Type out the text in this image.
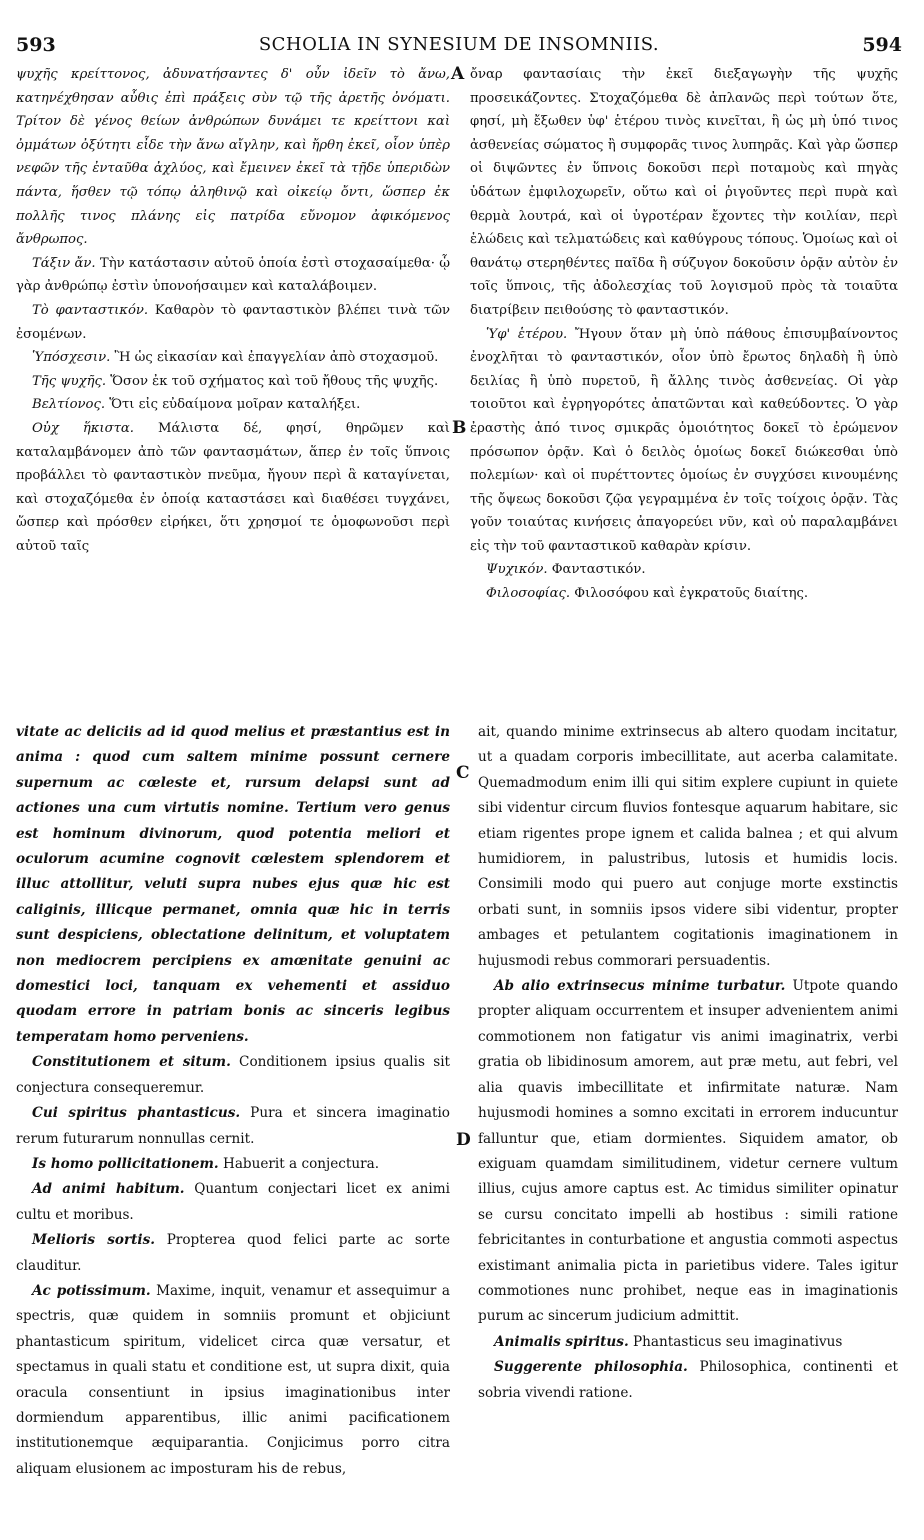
593	SCHOLIA IN SYNESIUM DE INSOMNIIS.	594
A
B
C
D

ψυχῆς κρείττονος, ἀδυνατήσαντες δ' οὖν ἰδεῖν τὸ ἄνω, κατηνέχθησαν αὖθις ἐπὶ πράξεις σὺν τῷ τῆς ἀρετῆς ὀνόματι. Τρίτον δὲ γένος θείων ἀνθρώπων δυνάμει τε κρείττονι καὶ ὀμμάτων ὀξύτητι εἶδε τὴν ἄνω αἴγλην, καὶ ἤρθη ἐκεῖ, οἷον ὑπὲρ νεφῶν τῆς ἐνταῦθα ἀχλύος, καὶ ἔμεινεν ἐκεῖ τὰ τῇδε ὑπεριδὼν πάντα, ἥσθεν τῷ τόπῳ ἀληθινῷ καὶ οἰκείῳ ὄντι, ὥσπερ ἐκ πολλῆς τινος πλάνης εἰς πατρίδα εὔνομον ἀφικόμενος ἄνθρωπος.

Τάξιν ἄν. Τὴν κατάστασιν αὐτοῦ ὁποία ἐστὶ στοχασαίμεθα· ᾧ γὰρ ἀνθρώπῳ ἐστὶν ὑπονοήσαιμεν καὶ καταλάβοιμεν.

Τὸ φανταστικόν. Καθαρὸν τὸ φανταστικὸν βλέπει τινὰ τῶν ἐσομένων.

Ὑπόσχεσιν. Ἢ ὡς εἰκασίαν καὶ ἐπαγγελίαν ἀπὸ στοχασμοῦ.

Τῆς ψυχῆς. Ὅσον ἐκ τοῦ σχήματος καὶ τοῦ ἤθους τῆς ψυχῆς.

Βελτίονος. Ὅτι εἰς εὐδαίμονα μοῖραν καταλήξει.

Οὐχ ἥκιστα. Μάλιστα δέ, φησί, θηρῶμεν καὶ καταλαμβάνομεν ἀπὸ τῶν φαντασμάτων, ἅπερ ἐν τοῖς ὕπνοις προβάλλει τὸ φανταστικὸν πνεῦμα, ἤγουν περὶ ἃ καταγίνεται, καὶ στοχαζόμεθα ἐν ὁποίᾳ καταστάσει καὶ διαθέσει τυγχάνει, ὥσπερ καὶ πρόσθεν εἰρήκει, ὅτι χρησμοί τε ὁμοφωνοῦσι περὶ αὐτοῦ ταῖς

ὄναρ φαντασίαις τὴν ἐκεῖ διεξαγωγὴν τῆς ψυχῆς προσεικάζοντες. Στοχαζόμεθα δὲ ἀπλανῶς περὶ τούτων ὅτε, φησί, μὴ ἔξωθεν ὑφ' ἑτέρου τινὸς κινεῖται, ἢ ὡς μὴ ὑπό τινος ἀσθενείας σώματος ἢ συμφορᾶς τινος λυπηρᾶς. Καὶ γὰρ ὥσπερ οἱ διψῶντες ἐν ὕπνοις δοκοῦσι περὶ ποταμοὺς καὶ πηγὰς ὑδάτων ἐμφιλοχωρεῖν, οὕτω καὶ οἱ ῥιγοῦντες περὶ πυρὰ καὶ θερμὰ λουτρά, καὶ οἱ ὑγροτέραν ἔχοντες τὴν κοιλίαν, περὶ ἑλώδεις καὶ τελματώδεις καὶ καθύγρους τόπους. Ὁμοίως καὶ οἱ θανάτῳ στερηθέντες παῖδα ἢ σύζυγον δοκοῦσιν ὁρᾷν αὐτὸν ἐν τοῖς ὕπνοις, τῆς ἀδολεσχίας τοῦ λογισμοῦ πρὸς τὰ τοιαῦτα διατρίβειν πειθούσης τὸ φανταστικόν.

Ὑφ' ἑτέρου. Ἤγουν ὅταν μὴ ὑπὸ πάθους ἐπισυμβαίνοντος ἐνοχλῆται τὸ φανταστικόν, οἷον ὑπὸ ἔρωτος δηλαδὴ ἢ ὑπὸ δειλίας ἢ ὑπὸ πυρετοῦ, ἢ ἄλλης τινὸς ἀσθενείας. Οἱ γὰρ τοιοῦτοι καὶ ἐγρηγορότες ἀπατῶνται καὶ καθεύδοντες. Ὁ γὰρ ἐραστὴς ἀπό τινος σμικρᾶς ὁμοιότητος δοκεῖ τὸ ἐρώμενον πρόσωπον ὁρᾷν. Καὶ ὁ δειλὸς ὁμοίως δοκεῖ διώκεσθαι ὑπὸ πολεμίων· καὶ οἱ πυρέττοντες ὁμοίως ἐν συγχύσει κινουμένης τῆς ὄψεως δοκοῦσι ζῷα γεγραμμένα ἐν τοῖς τοίχοις ὁρᾷν. Τὰς γοῦν τοιαύτας κινήσεις ἀπαγορεύει νῦν, καὶ οὐ παραλαμβάνει εἰς τὴν τοῦ φανταστικοῦ καθαρὰν κρίσιν.

Ψυχικόν. Φανταστικόν.

Φιλοσοφίας. Φιλοσόφου καὶ ἐγκρατοῦς διαίτης.

vitate ac deliciis ad id quod melius et præstantius est in anima : quod cum saltem minime possunt cernere supernum ac cœleste et, rursum delapsi sunt ad actiones una cum virtutis nomine. Tertium vero genus est hominum divinorum, quod potentia meliori et oculorum acumine cognovit cœlestem splendorem et illuc attollitur, veluti supra nubes ejus quæ hic est caliginis, illicque permanet, omnia quæ hic in terris sunt despiciens, oblectatione delinitum, et voluptatem non mediocrem percipiens ex amœnitate genuini ac domestici loci, tanquam ex vehementi et assiduo quodam errore in patriam bonis ac sinceris legibus temperatam homo perveniens.

Constitutionem et situm. Conditionem ipsius qualis sit conjectura consequeremur.

Cui spiritus phantasticus. Pura et sincera imaginatio rerum futurarum nonnullas cernit.

Is homo pollicitationem. Habuerit a conjectura.

Ad animi habitum. Quantum conjectari licet ex animi cultu et moribus.

Melioris sortis. Propterea quod felici parte ac sorte clauditur.

Ac potissimum. Maxime, inquit, venamur et assequimur a spectris, quæ quidem in somniis promunt et objiciunt phantasticum spiritum, videlicet circa quæ versatur, et spectamus in quali statu et conditione est, ut supra dixit, quia oracula consentiunt in ipsius imaginationibus inter dormiendum apparentibus, illic animi pacificationem institutionemque æquiparantia. Conjicimus porro citra aliquam elusionem ac imposturam his de rebus,

ait, quando minime extrinsecus ab altero quodam incitatur, ut a quadam corporis imbecillitate, aut acerba calamitate. Quemadmodum enim illi qui sitim explere cupiunt in quiete sibi videntur circum fluvios fontesque aquarum habitare, sic etiam rigentes prope ignem et calida balnea ; et qui alvum humidiorem, in palustribus, lutosis et humidis locis. Consimili modo qui puero aut conjuge morte exstinctis orbati sunt, in somniis ipsos videre sibi videntur, propter ambages et petulantem cogitationis imaginationem in hujusmodi rebus commorari persuadentis.

Ab alio extrinsecus minime turbatur. Utpote quando propter aliquam occurrentem et insuper advenientem animi commotionem non fatigatur vis animi imaginatrix, verbi gratia ob libidinosum amorem, aut præ metu, aut febri, vel alia quavis imbecillitate et infirmitate naturæ. Nam hujusmodi homines a somno excitati in errorem inducuntur falluntur que, etiam dormientes. Siquidem amator, ob exiguam quamdam similitudinem, videtur cernere vultum illius, cujus amore captus est. Ac timidus similiter opinatur se cursu concitato impelli ab hostibus : simili ratione febricitantes in conturbatione et angustia commoti aspectus existimant animalia picta in parietibus videre. Tales igitur commotiones nunc prohibet, neque eas in imaginationis purum ac sincerum judicium admittit.

Animalis spiritus. Phantasticus seu imaginativus

Suggerente philosophia. Philosophica, continenti et sobria vivendi ratione.
